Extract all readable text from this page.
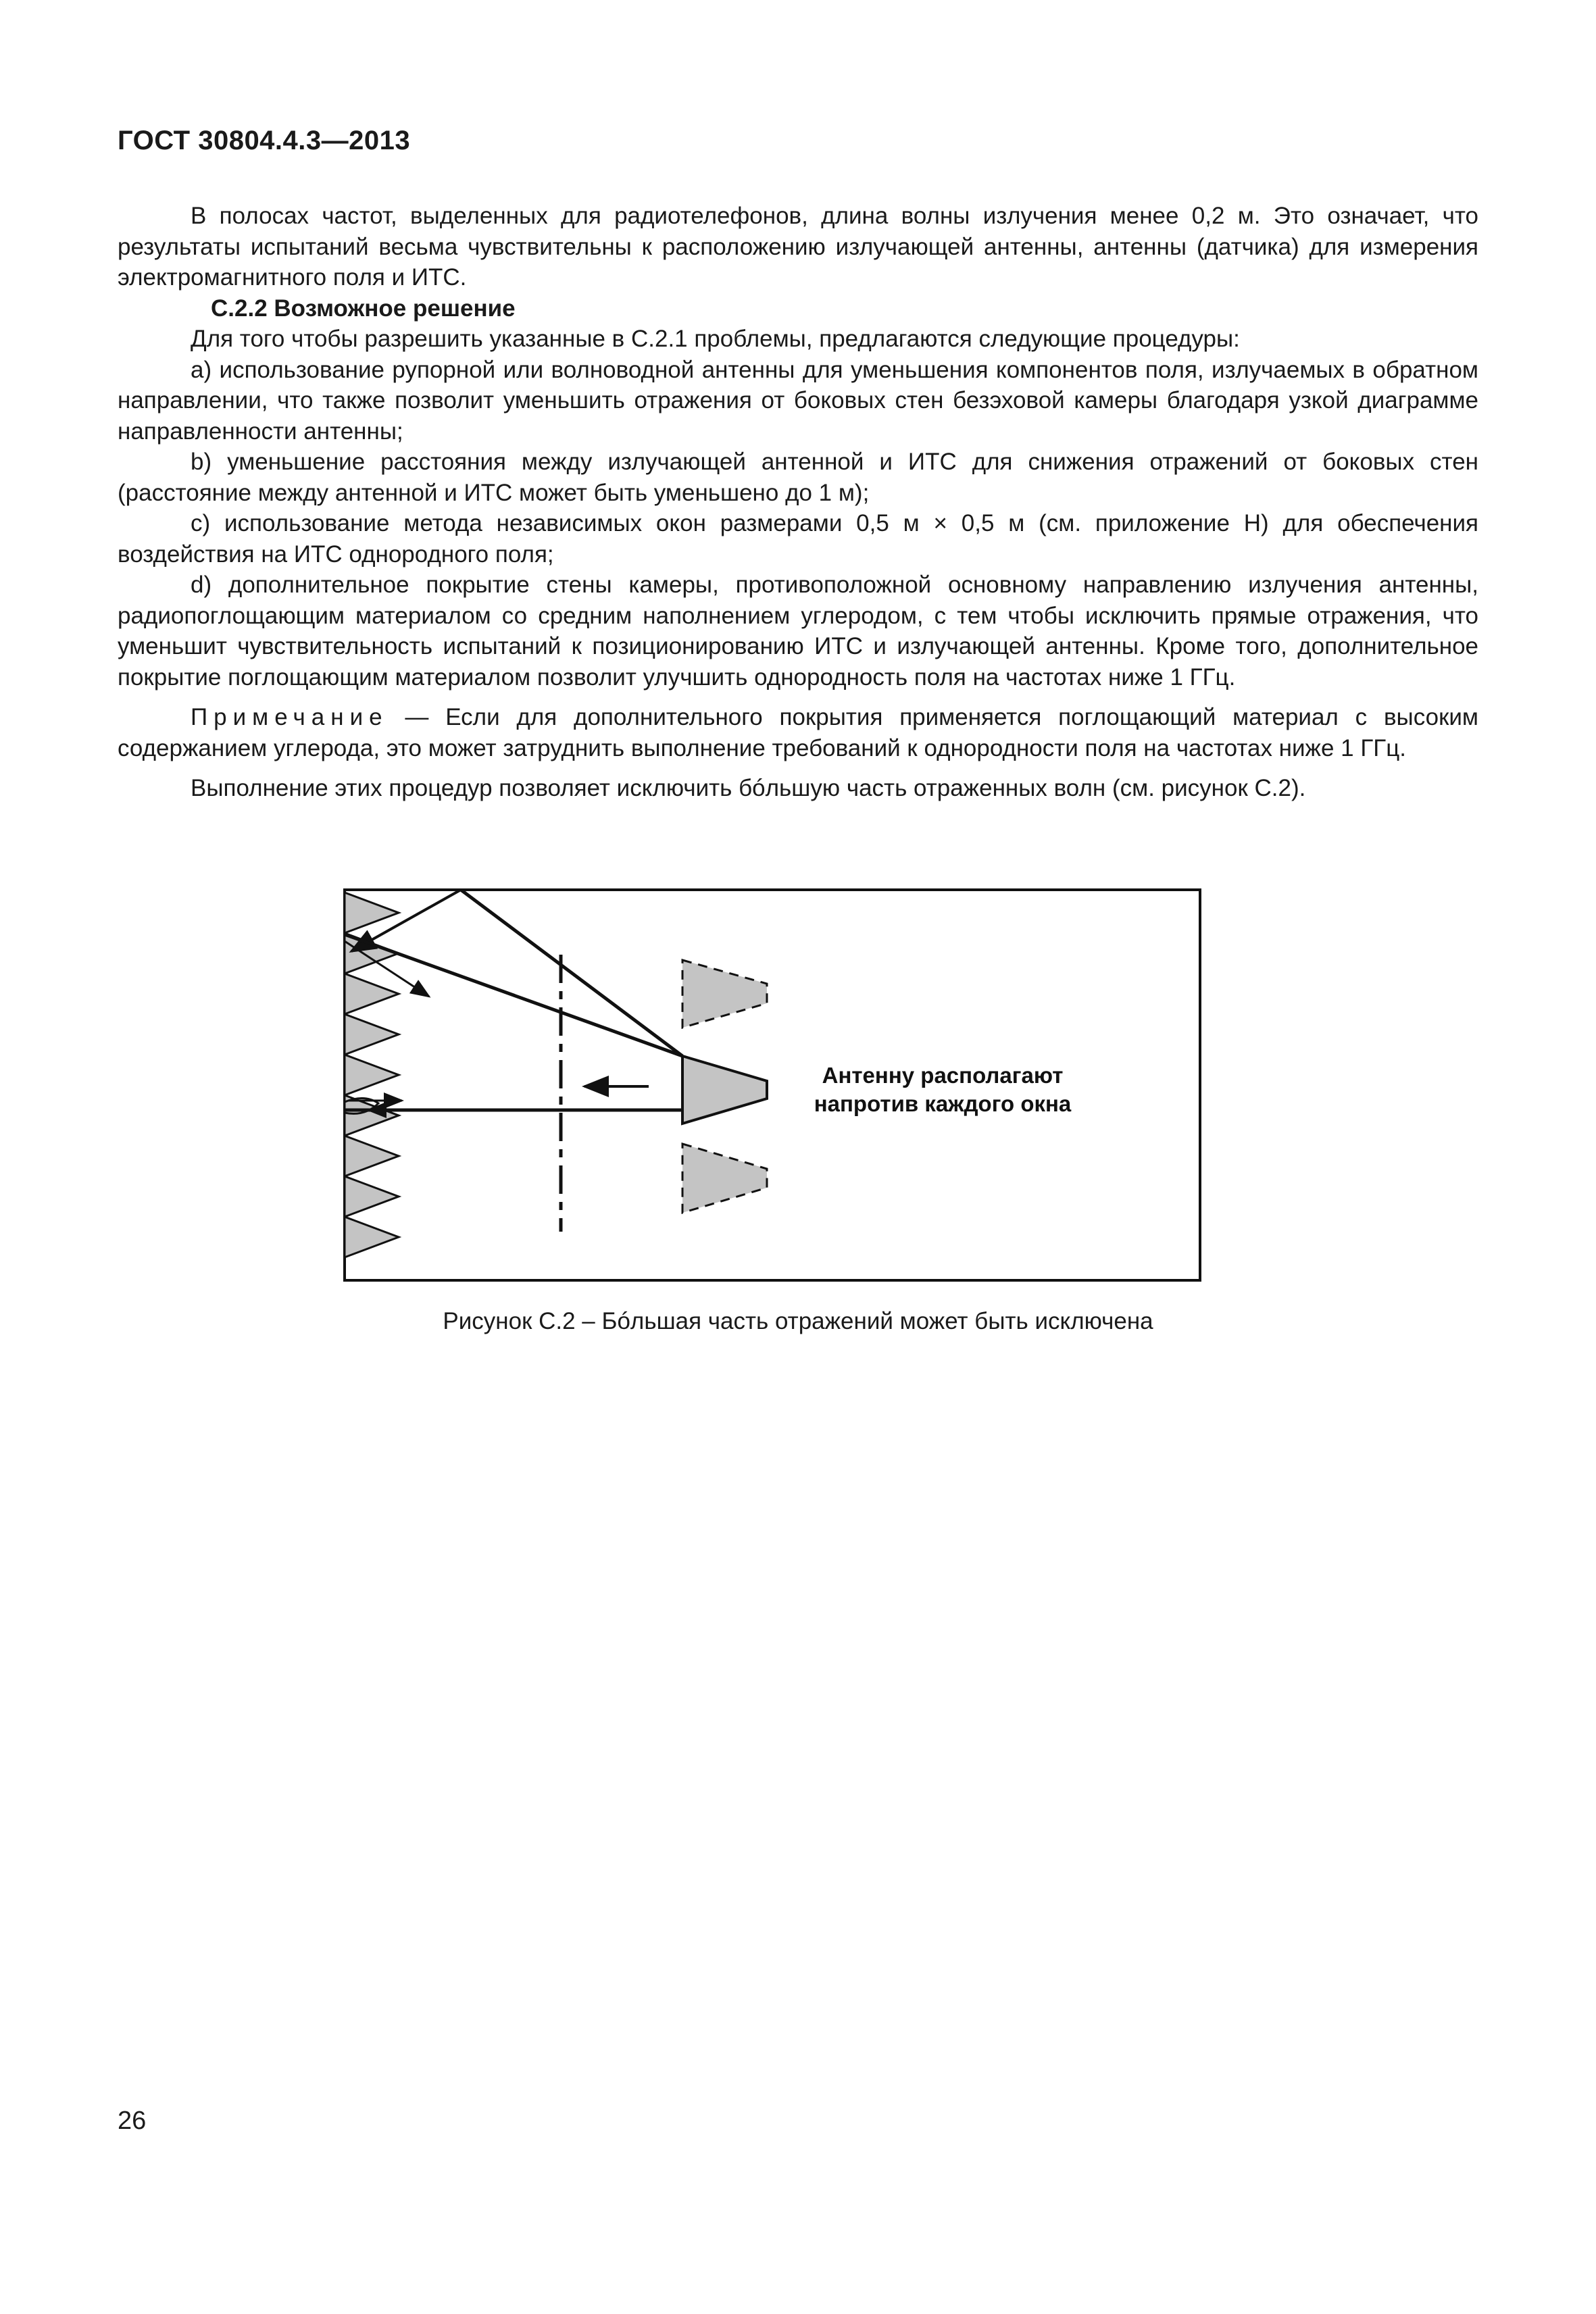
ГОСТ 30804.4.3—2013

В полосах частот, выделенных для радиотелефонов, длина волны излучения менее 0,2 м. Это означает, что результаты испытаний весьма чувствительны к расположению излучающей антенны, антенны (датчика) для измерения электромагнитного поля и ИТС.

С.2.2 Возможное решение

Для того чтобы разрешить указанные в С.2.1 проблемы, предлагаются следующие процедуры:

а) использование рупорной или волноводной антенны для уменьшения компонентов поля, излучаемых в обратном направлении, что также позволит уменьшить отражения от боковых стен безэховой камеры благодаря узкой диаграмме направленности антенны;

b) уменьшение расстояния между излучающей антенной и ИТС для снижения отражений от боковых стен (расстояние между антенной и ИТС может быть уменьшено до 1 м);

с) использование метода независимых окон размерами 0,5 м × 0,5 м (см. приложение Н) для обеспечения воздействия на ИТС однородного поля;

d) дополнительное покрытие стены камеры, противоположной основному направлению излучения антенны, радиопоглощающим материалом со средним наполнением углеродом, с тем чтобы исключить прямые отражения, что уменьшит чувствительность испытаний к позиционированию ИТС и излучающей антенны. Кроме того, дополнительное покрытие поглощающим материалом позволит улучшить однородность поля на частотах ниже 1 ГГц.

Примечание — Если для дополнительного покрытия применяется поглощающий материал с высоким содержанием углерода, это может затруднить выполнение требований к однородности поля на частотах ниже 1 ГГц.

Выполнение этих процедур позволяет исключить бóльшую часть отраженных волн (см. рисунок С.2).

Антенну располагают
напротив каждого окна
Рисунок С.2 – Бóльшая часть отражений может быть исключена
26
